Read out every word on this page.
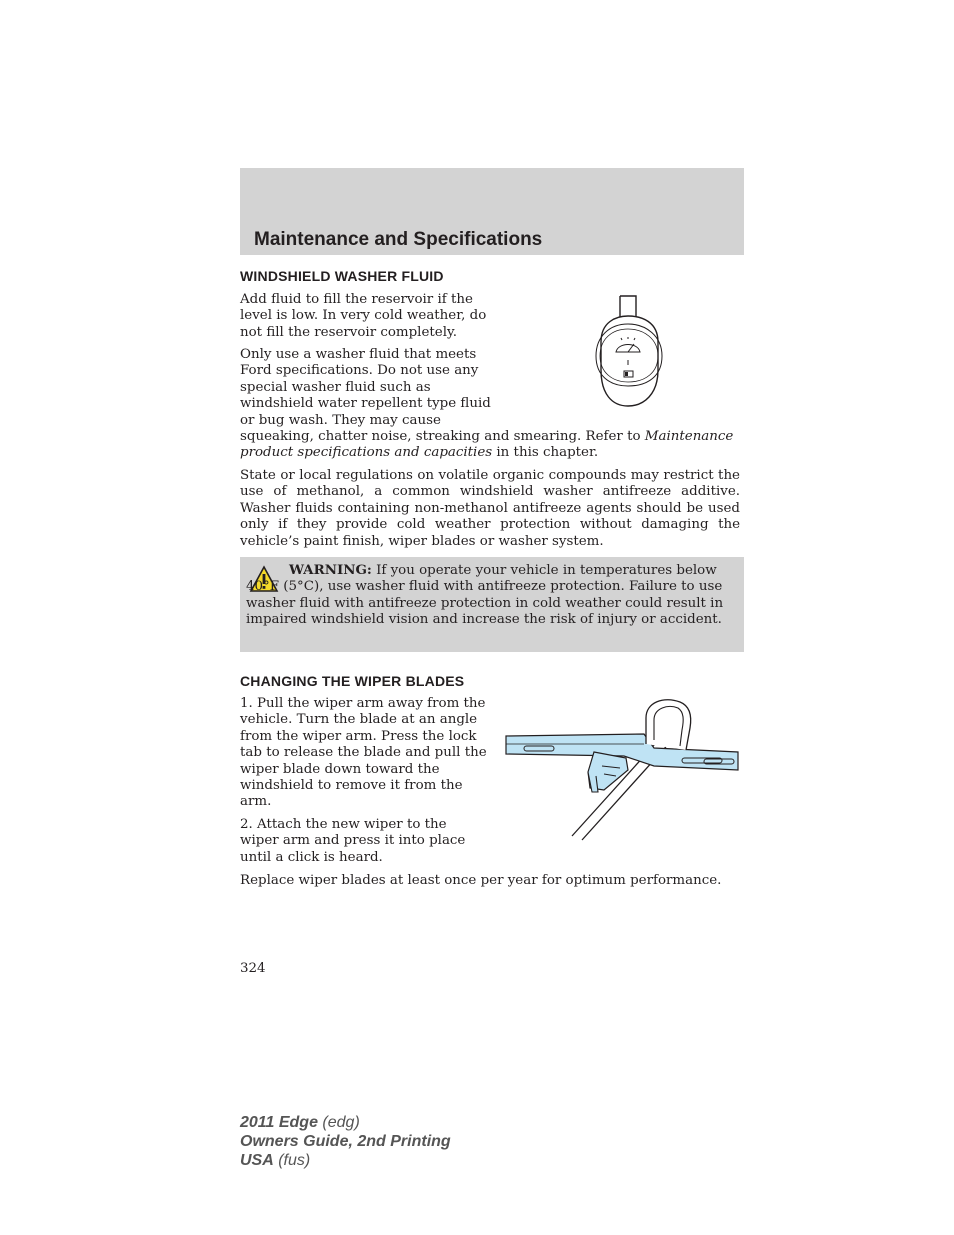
Maintenance and Specifications
WINDSHIELD WASHER FLUID
Add fluid to fill the reservoir if the
level is low. In very cold weather, do
not fill the reservoir completely.
Only use a washer fluid that meets
Ford specifications. Do not use any
special washer fluid such as
windshield water repellent type fluid
or bug wash. They may cause

squeaking, chatter noise, streaking and smearing. Refer to Maintenance product specifications and capacities in this chapter.

State or local regulations on volatile organic compounds may restrict the use of methanol, a common windshield washer antifreeze additive. Washer fluids containing non-methanol antifreeze agents should be used only if they provide cold weather protection without damaging the vehicle’s paint finish, wiper blades or washer system.

WARNING: If you operate your vehicle in temperatures below 40°F (5°C), use washer fluid with antifreeze protection. Failure to use washer fluid with antifreeze protection in cold weather could result in impaired windshield vision and increase the risk of injury or accident.

CHANGING THE WIPER BLADES
1. Pull the wiper arm away from the
vehicle. Turn the blade at an angle
from the wiper arm. Press the lock
tab to release the blade and pull the
wiper blade down toward the
windshield to remove it from the
arm.
2. Attach the new wiper to the
wiper arm and press it into place
until a click is heard.

Replace wiper blades at least once per year for optimum performance.

324
2011 Edge (edg)
Owners Guide, 2nd Printing
USA (fus)
